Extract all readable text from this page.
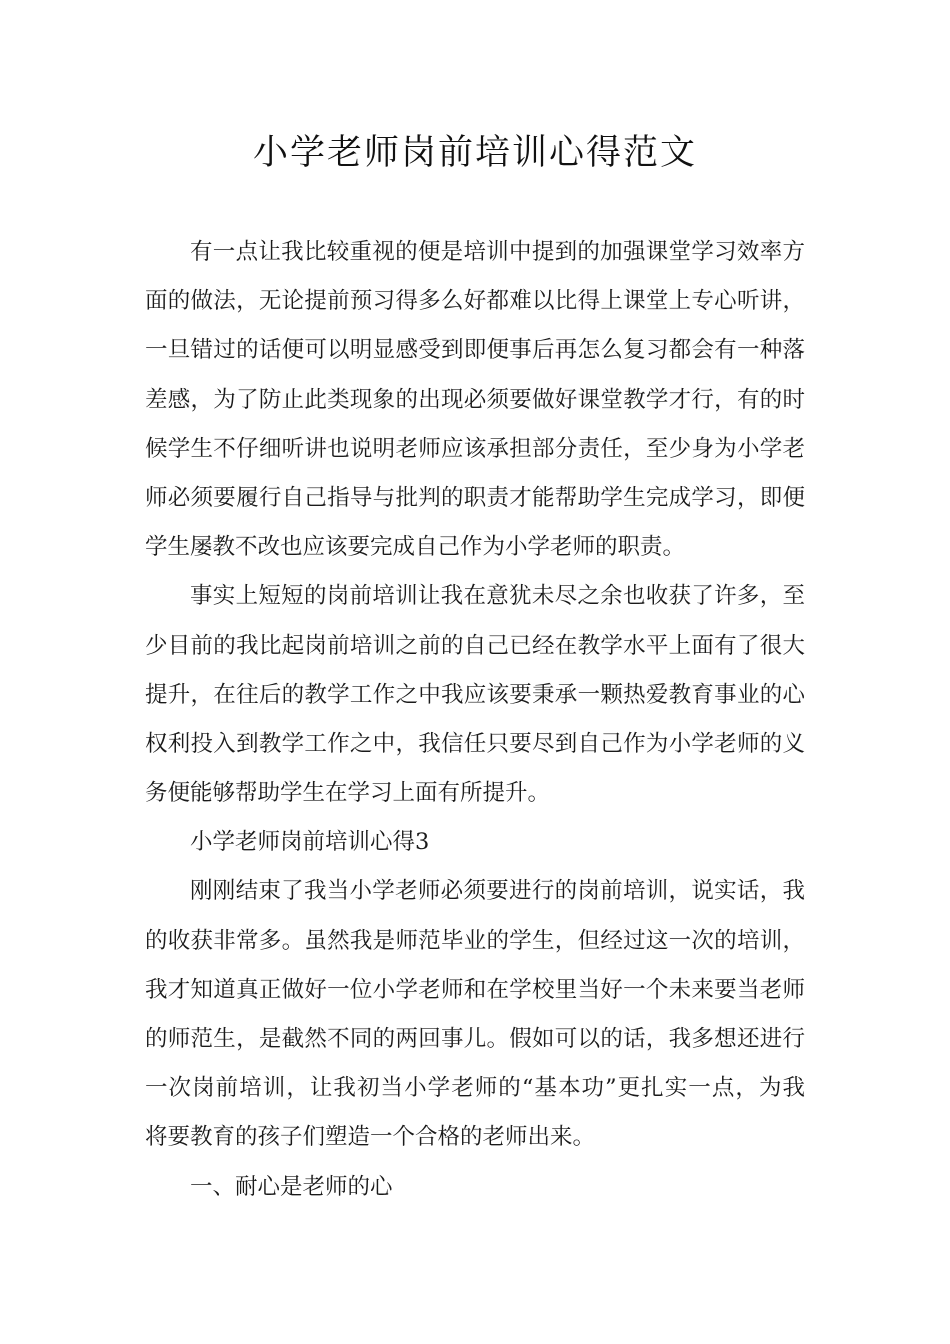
小学老师岗前培训心得范文
有一点让我比较重视的便是培训中提到的加强课堂学习效率方
面的做法，无论提前预习得多么好都难以比得上课堂上专心听讲，
一旦错过的话便可以明显感受到即便事后再怎么复习都会有一种落
差感，为了防止此类现象的出现必须要做好课堂教学才行，有的时
候学生不仔细听讲也说明老师应该承担部分责任，至少身为小学老
师必须要履行自己指导与批判的职责才能帮助学生完成学习，即便
学生屡教不改也应该要完成自己作为小学老师的职责。
事实上短短的岗前培训让我在意犹未尽之余也收获了许多，至
少目前的我比起岗前培训之前的自己已经在教学水平上面有了很大
提升，在往后的教学工作之中我应该要秉承一颗热爱教育事业的心
权利投入到教学工作之中，我信任只要尽到自己作为小学老师的义
务便能够帮助学生在学习上面有所提升。
小学老师岗前培训心得3
刚刚结束了我当小学老师必须要进行的岗前培训，说实话，我
的收获非常多。虽然我是师范毕业的学生，但经过这一次的培训，
我才知道真正做好一位小学老师和在学校里当好一个未来要当老师
的师范生，是截然不同的两回事儿。假如可以的话，我多想还进行
一次岗前培训，让我初当小学老师的“基本功”更扎实一点，为我
将要教育的孩子们塑造一个合格的老师出来。
一、耐心是老师的心
